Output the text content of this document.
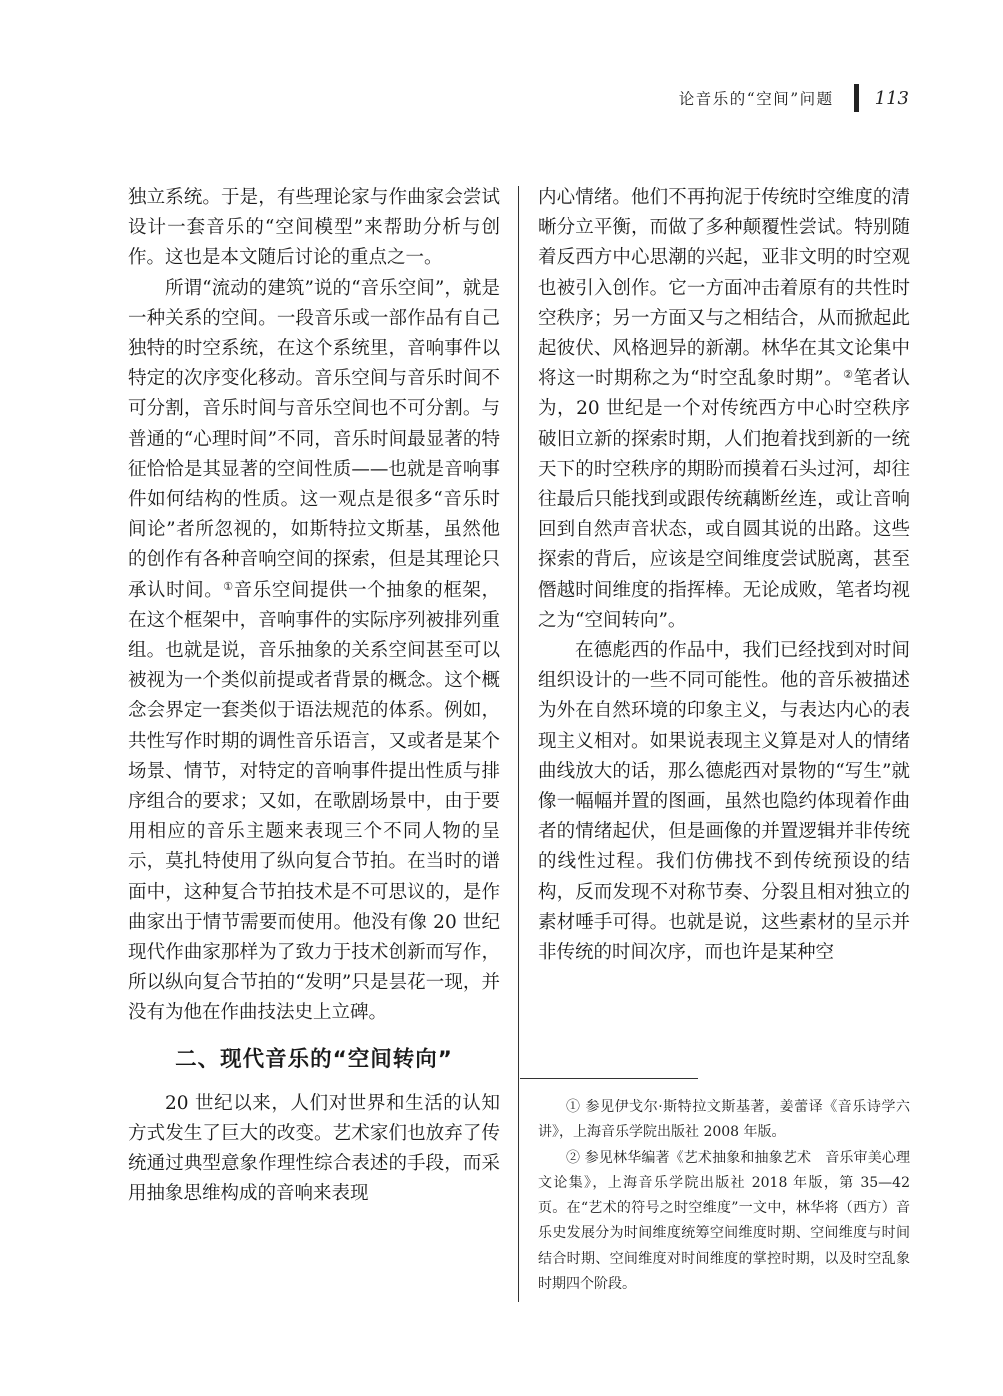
论音乐的“空间”问题 113

独立系统。于是，有些理论家与作曲家会尝试设计一套音乐的“空间模型”来帮助分析与创作。这也是本文随后讨论的重点之一。

所谓“流动的建筑”说的“音乐空间”，就是一种关系的空间。一段音乐或一部作品有自己独特的时空系统，在这个系统里，音响事件以特定的次序变化移动。音乐空间与音乐时间不可分割，音乐时间与音乐空间也不可分割。与普通的“心理时间”不同，音乐时间最显著的特征恰恰是其显著的空间性质——也就是音响事件如何结构的性质。这一观点是很多“音乐时间论”者所忽视的，如斯特拉文斯基，虽然他的创作有各种音响空间的探索，但是其理论只承认时间。①音乐空间提供一个抽象的框架，在这个框架中，音响事件的实际序列被排列重组。也就是说，音乐抽象的关系空间甚至可以被视为一个类似前提或者背景的概念。这个概念会界定一套类似于语法规范的体系。例如，共性写作时期的调性音乐语言，又或者是某个场景、情节，对特定的音响事件提出性质与排序组合的要求；又如，在歌剧场景中，由于要用相应的音乐主题来表现三个不同人物的呈示，莫扎特使用了纵向复合节拍。在当时的谱面中，这种复合节拍技术是不可思议的，是作曲家出于情节需要而使用。他没有像 20 世纪现代作曲家那样为了致力于技术创新而写作，所以纵向复合节拍的“发明”只是昙花一现，并没有为他在作曲技法史上立碑。

二、现代音乐的“空间转向”

20 世纪以来，人们对世界和生活的认知方式发生了巨大的改变。艺术家们也放弃了传统通过典型意象作理性综合表述的手段，而采用抽象思维构成的音响来表现

内心情绪。他们不再拘泥于传统时空维度的清晰分立平衡，而做了多种颠覆性尝试。特别随着反西方中心思潮的兴起，亚非文明的时空观也被引入创作。它一方面冲击着原有的共性时空秩序；另一方面又与之相结合，从而掀起此起彼伏、风格迥异的新潮。林华在其文论集中将这一时期称之为“时空乱象时期”。②笔者认为，20 世纪是一个对传统西方中心时空秩序破旧立新的探索时期，人们抱着找到新的一统天下的时空秩序的期盼而摸着石头过河，却往往最后只能找到或跟传统藕断丝连，或让音响回到自然声音状态，或自圆其说的出路。这些探索的背后，应该是空间维度尝试脱离，甚至僭越时间维度的指挥棒。无论成败，笔者均视之为“空间转向”。

在德彪西的作品中，我们已经找到对时间组织设计的一些不同可能性。他的音乐被描述为外在自然环境的印象主义，与表达内心的表现主义相对。如果说表现主义算是对人的情绪曲线放大的话，那么德彪西对景物的“写生”就像一幅幅并置的图画，虽然也隐约体现着作曲者的情绪起伏，但是画像的并置逻辑并非传统的线性过程。我们仿佛找不到传统预设的结构，反而发现不对称节奏、分裂且相对独立的素材唾手可得。也就是说，这些素材的呈示并非传统的时间次序，而也许是某种空

① 参见伊戈尔·斯特拉文斯基著，姜蕾译《音乐诗学六讲》，上海音乐学院出版社 2008 年版。

② 参见林华编著《艺术抽象和抽象艺术　音乐审美心理文论集》，上海音乐学院出版社 2018 年版，第 35—42 页。在“艺术的符号之时空维度”一文中，林华将（西方）音乐史发展分为时间维度统筹空间维度时期、空间维度与时间结合时期、空间维度对时间维度的掌控时期，以及时空乱象时期四个阶段。
